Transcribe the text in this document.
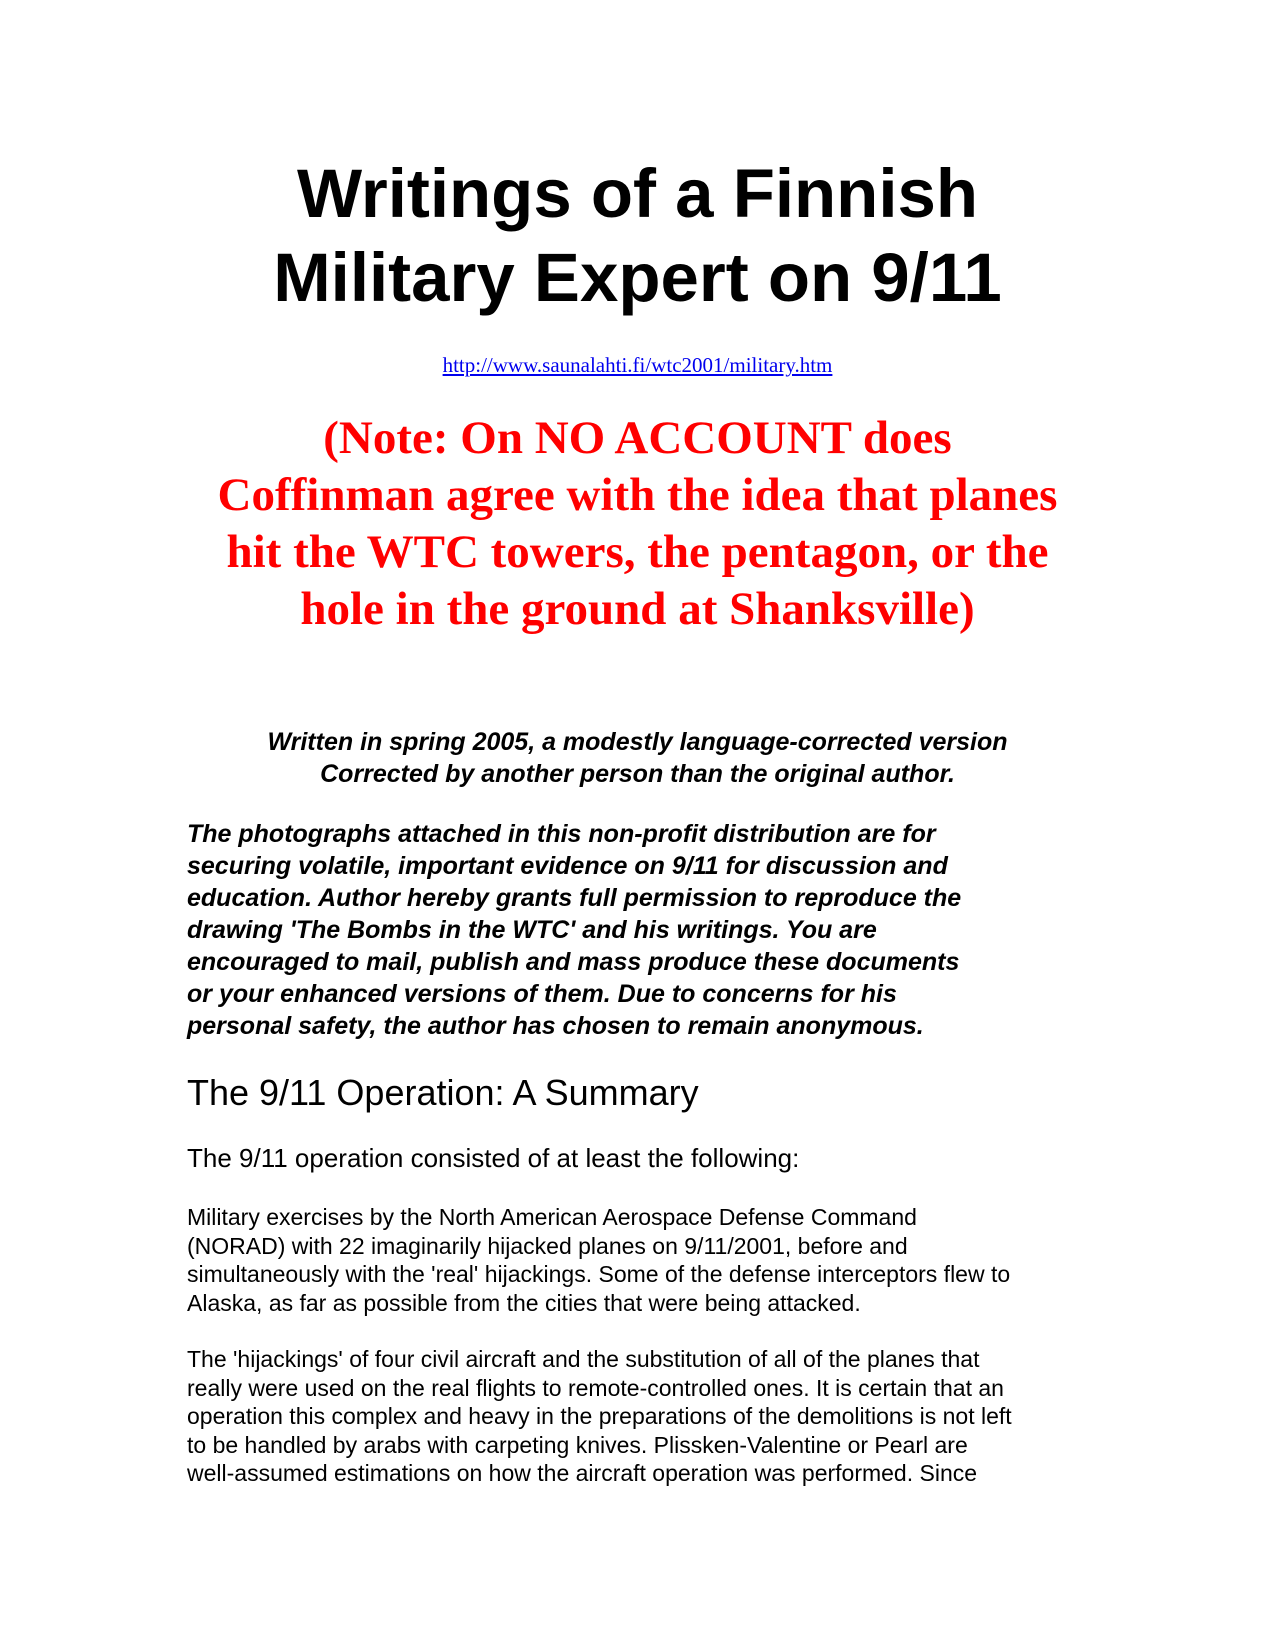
Writings of a Finnish
Military Expert on 9/11
http://www.saunalahti.fi/wtc2001/military.htm
(Note: On NO ACCOUNT does
Coffinman agree with the idea that planes
hit the WTC towers, the pentagon, or the
hole in the ground at Shanksville)
Written in spring 2005, a modestly language-corrected version
Corrected by another person than the original author.
The photographs attached in this non-profit distribution are for
securing volatile, important evidence on 9/11 for discussion and
education. Author hereby grants full permission to reproduce the
drawing 'The Bombs in the WTC' and his writings. You are
encouraged to mail, publish and mass produce these documents
or your enhanced versions of them. Due to concerns for his
personal safety, the author has chosen to remain anonymous.
The 9/11 Operation: A Summary
The 9/11 operation consisted of at least the following:
Military exercises by the North American Aerospace Defense Command
(NORAD) with 22 imaginarily hijacked planes on 9/11/2001, before and
simultaneously with the 'real' hijackings. Some of the defense interceptors flew to
Alaska, as far as possible from the cities that were being attacked.
The 'hijackings' of four civil aircraft and the substitution of all of the planes that
really were used on the real flights to remote-controlled ones. It is certain that an
operation this complex and heavy in the preparations of the demolitions is not left
to be handled by arabs with carpeting knives. Plissken-Valentine or Pearl are
well-assumed estimations on how the aircraft operation was performed. Since
